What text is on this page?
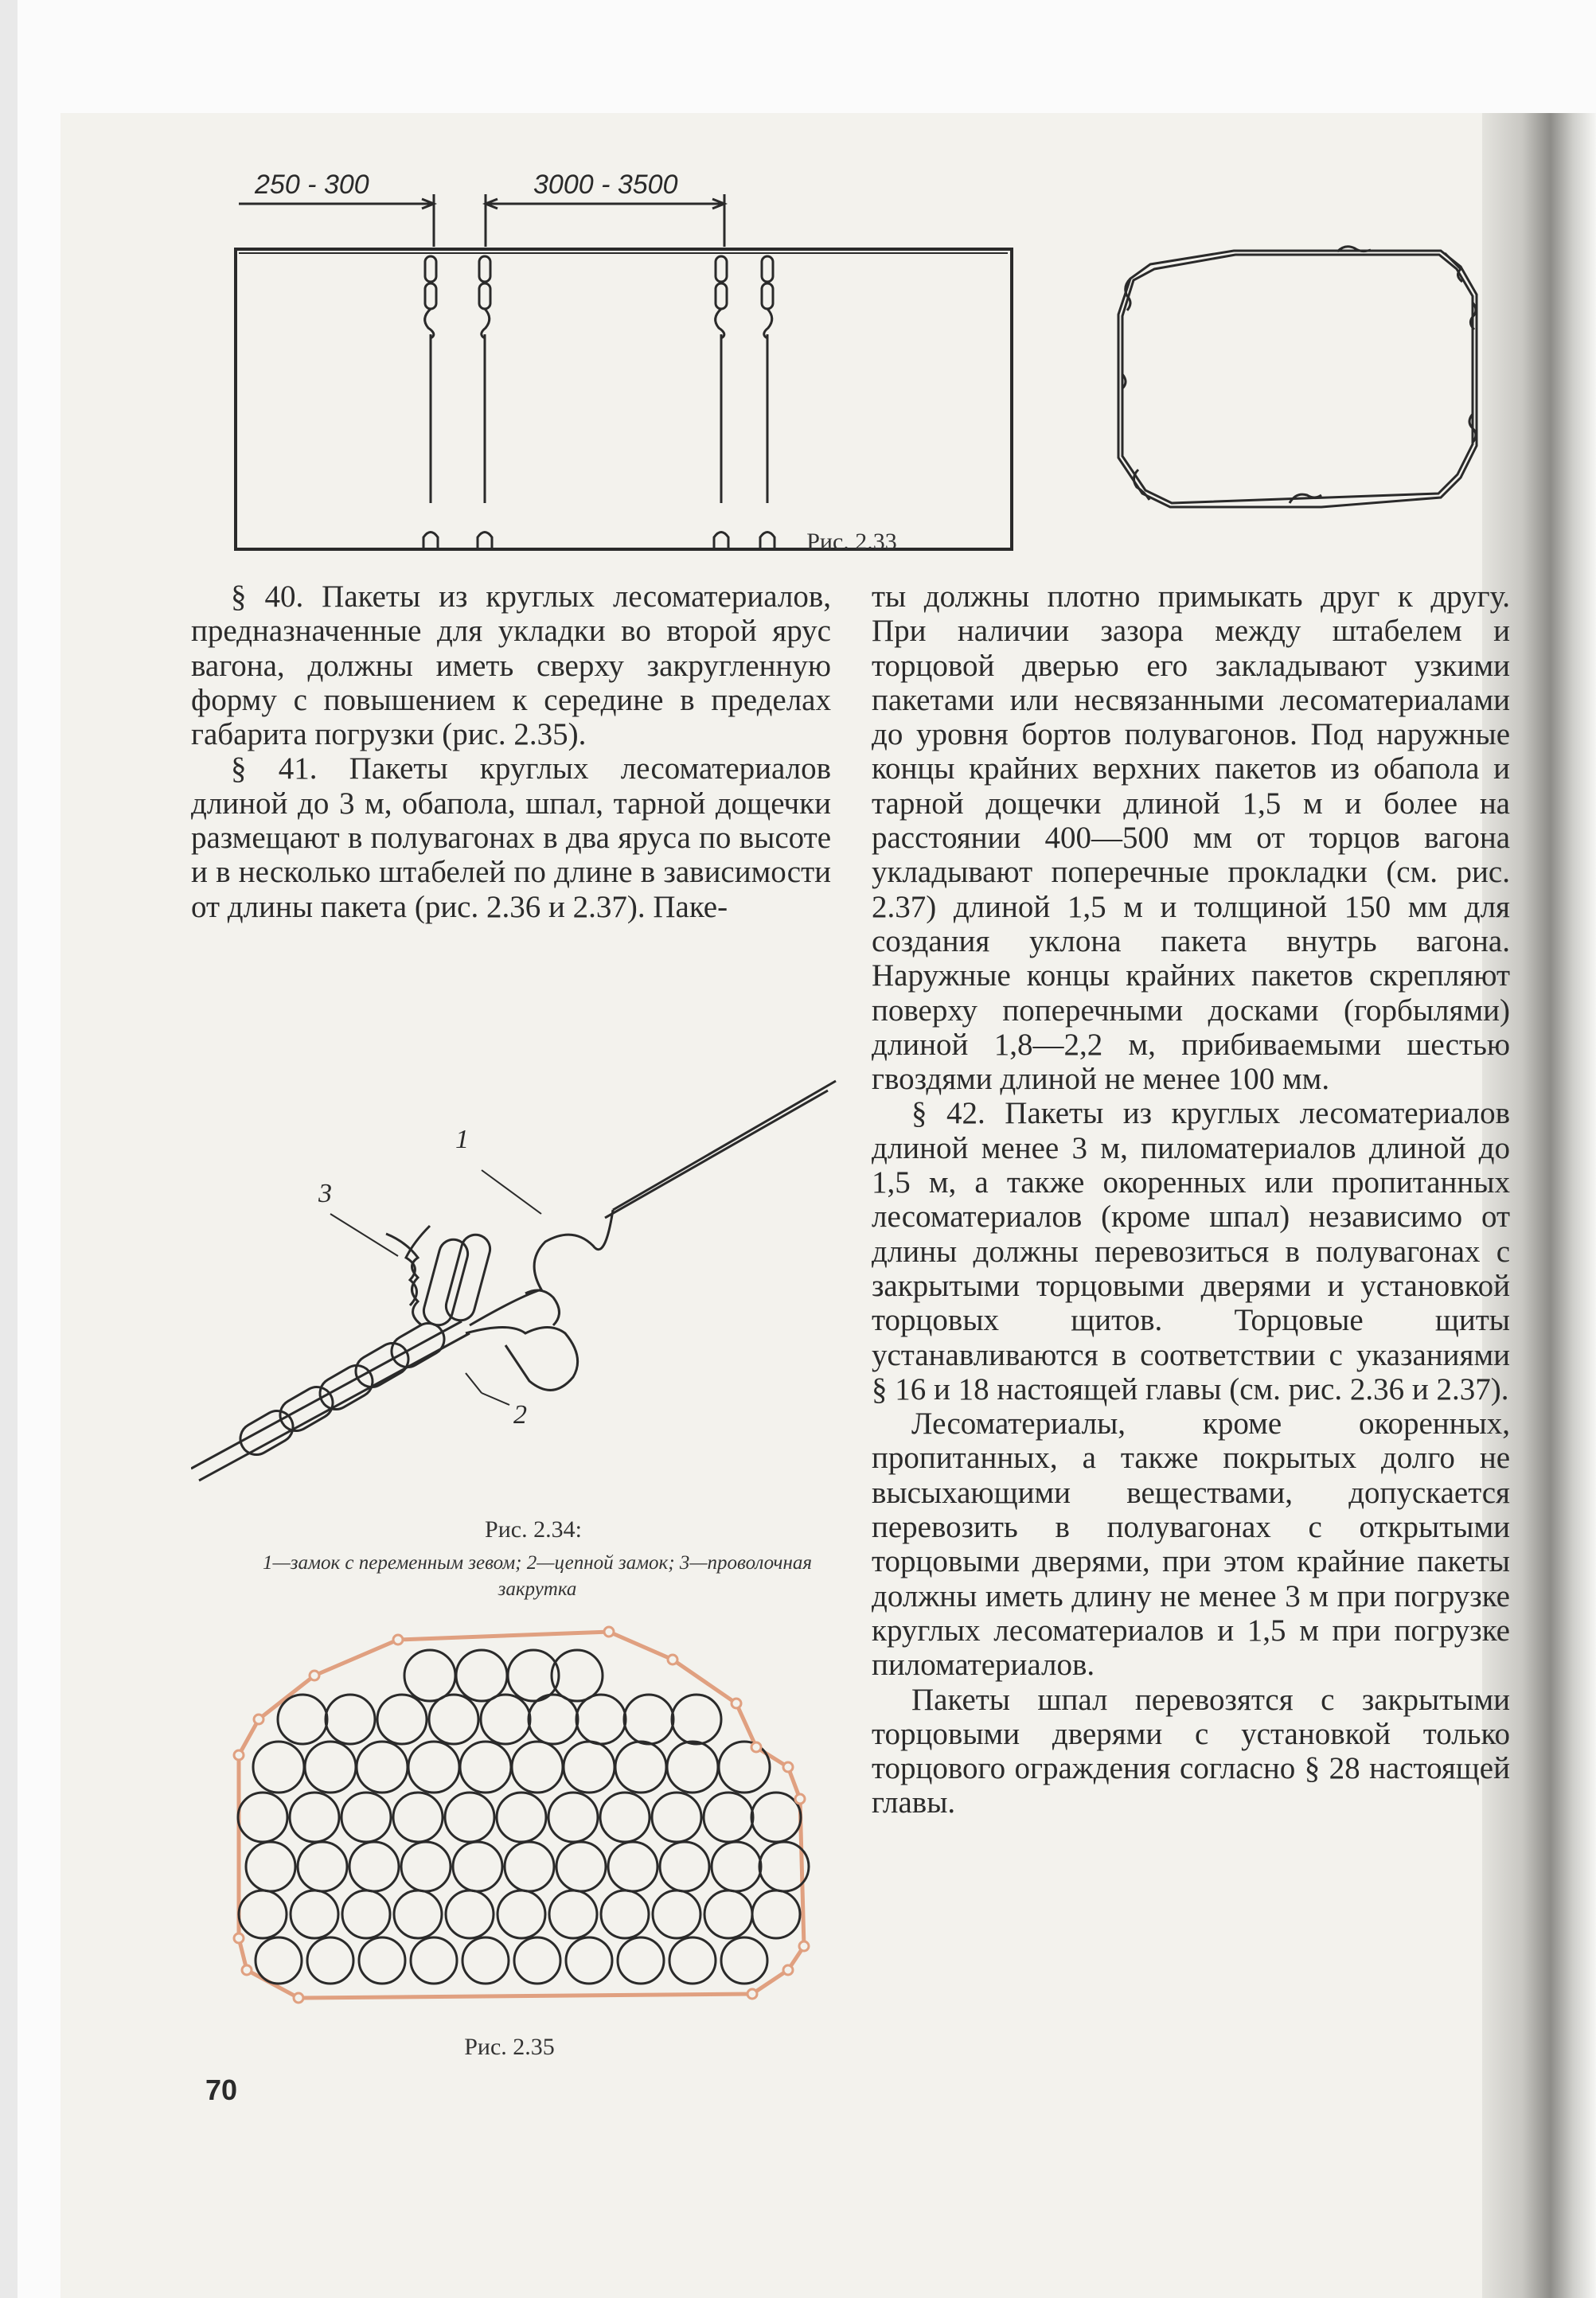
250 - 300	3000 - 3500
Рис. 2.33

§ 40. Пакеты из круглых лесоматериалов, предназначенные для укладки во второй ярус вагона, должны иметь сверху закругленную форму с повышением к середине в пределах габарита погрузки (рис. 2.35).

§ 41. Пакеты круглых лесоматериалов длиной до 3 м, обапола, шпал, тарной дощечки размещают в полувагонах в два яруса по высоте и в несколько штабелей по длине в зависимости от длины пакета (рис. 2.36 и 2.37). Паке-

ты должны плотно примыкать друг к другу. При наличии зазора между штабелем и торцовой дверью его закладывают узкими пакетами или несвязанными лесоматериалами до уровня бортов полувагонов. Под наружные концы крайних верхних пакетов из обапола и тарной дощечки длиной 1,5 м и более на расстоянии 400—500 мм от торцов вагона укладывают поперечные прокладки (см. рис. 2.37) длиной 1,5 м и толщиной 150 мм для создания уклона пакета внутрь вагона. Наружные концы крайних пакетов скрепляют поверху поперечными досками (горбылями) длиной 1,8—2,2 м, прибиваемыми шестью гвоздями длиной не менее 100 мм.

§ 42. Пакеты из круглых лесоматериалов длиной менее 3 м, пиломатериалов длиной до 1,5 м, а также окоренных или пропитанных лесоматериалов (кроме шпал) независимо от длины должны перевозиться в полувагонах с закрытыми торцовыми дверями и установкой торцовых щитов. Торцовые щиты устанавливаются в соответствии с указаниями § 16 и 18 настоящей главы (см. рис. 2.36 и 2.37).

Лесоматериалы, кроме окоренных, пропитанных, а также покрытых долго не высыхающими веществами, допускается перевозить в полувагонах с открытыми торцовыми дверями, при этом крайние пакеты должны иметь длину не менее 3 м при погрузке круглых лесоматериалов и 1,5 м при погрузке пиломатериалов.

Пакеты шпал перевозятся с закрытыми торцовыми дверями с установкой только торцового ограждения согласно § 28 настоящей главы.

1
3
2
Рис. 2.34:
1—замок с переменным зевом; 2—цепной замок; 3—проволочная закрутка
Рис. 2.35
70
